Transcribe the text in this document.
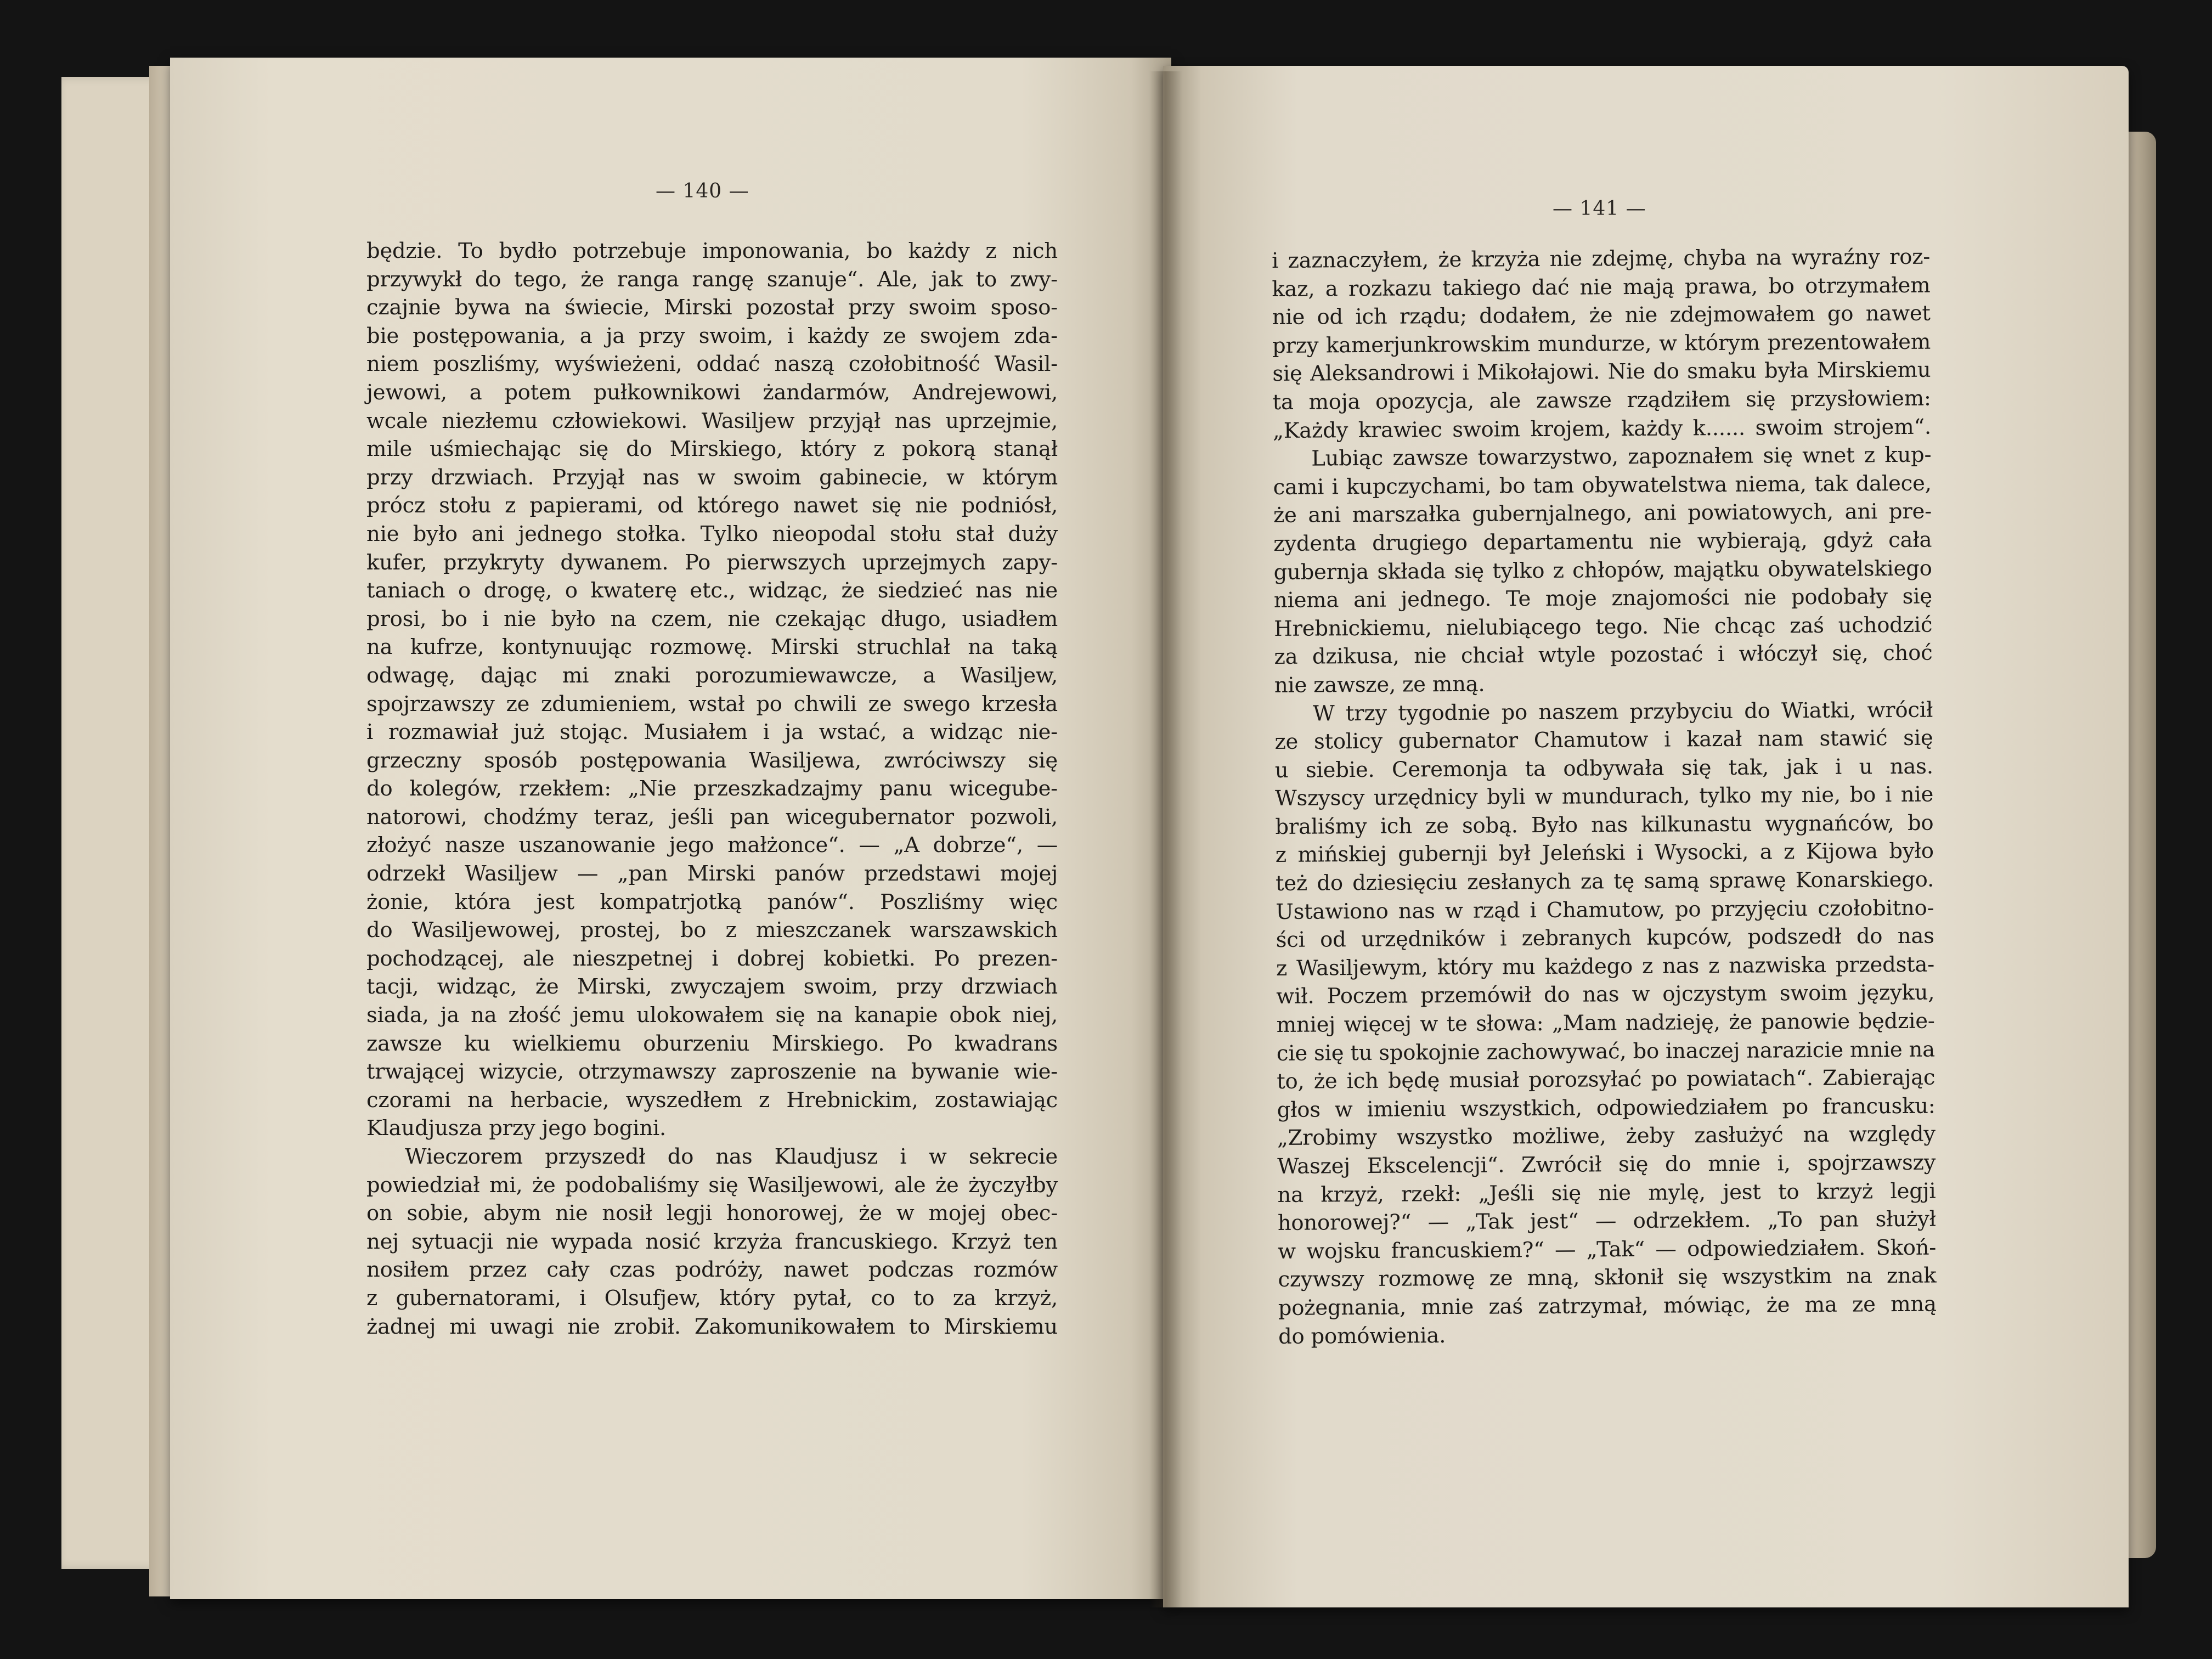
— 140 —
— 141 —
będzie. To bydło potrzebuje imponowania, bo każdy z nich
przywykł do tego, że ranga rangę szanuje“. Ale, jak to zwy-
czajnie bywa na świecie, Mirski pozostał przy swoim sposo-
bie postępowania, a ja przy swoim, i każdy ze swojem zda-
niem poszliśmy, wyświeżeni, oddać naszą czołobitność Wasil-
jewowi, a potem pułkownikowi żandarmów, Andrejewowi,
wcale niezłemu człowiekowi. Wasiljew przyjął nas uprzejmie,
mile uśmiechając się do Mirskiego, który z pokorą stanął
przy drzwiach. Przyjął nas w swoim gabinecie, w którym
prócz stołu z papierami, od którego nawet się nie podniósł,
nie było ani jednego stołka. Tylko nieopodal stołu stał duży
kufer, przykryty dywanem. Po pierwszych uprzejmych zapy-
taniach o drogę, o kwaterę etc., widząc, że siedzieć nas nie
prosi, bo i nie było na czem, nie czekając długo, usiadłem
na kufrze, kontynuując rozmowę. Mirski struchlał na taką
odwagę, dając mi znaki porozumiewawcze, a Wasiljew,
spojrzawszy ze zdumieniem, wstał po chwili ze swego krzesła
i rozmawiał już stojąc. Musiałem i ja wstać, a widząc nie-
grzeczny sposób postępowania Wasiljewa, zwróciwszy się
do kolegów, rzekłem: „Nie przeszkadzajmy panu wicegube-
natorowi, chodźmy teraz, jeśli pan wicegubernator pozwoli,
złożyć nasze uszanowanie jego małżonce“. — „A dobrze“, —
odrzekł Wasiljew — „pan Mirski panów przedstawi mojej
żonie, która jest kompatrjotką panów“. Poszliśmy więc
do Wasiljewowej, prostej, bo z mieszczanek warszawskich
pochodzącej, ale nieszpetnej i dobrej kobietki. Po prezen-
tacji, widząc, że Mirski, zwyczajem swoim, przy drzwiach
siada, ja na złość jemu ulokowałem się na kanapie obok niej,
zawsze ku wielkiemu oburzeniu Mirskiego. Po kwadrans
trwającej wizycie, otrzymawszy zaproszenie na bywanie wie-
czorami na herbacie, wyszedłem z Hrebnickim, zostawiając
Klaudjusza przy jego bogini.
Wieczorem przyszedł do nas Klaudjusz i w sekrecie
powiedział mi, że podobaliśmy się Wasiljewowi, ale że życzyłby
on sobie, abym nie nosił legji honorowej, że w mojej obec-
nej sytuacji nie wypada nosić krzyża francuskiego. Krzyż ten
nosiłem przez cały czas podróży, nawet podczas rozmów
z gubernatorami, i Olsufjew, który pytał, co to za krzyż,
żadnej mi uwagi nie zrobił. Zakomunikowałem to Mirskiemu
i zaznaczyłem, że krzyża nie zdejmę, chyba na wyraźny roz-
kaz, a rozkazu takiego dać nie mają prawa, bo otrzymałem
nie od ich rządu; dodałem, że nie zdejmowałem go nawet
przy kamerjunkrowskim mundurze, w którym prezentowałem
się Aleksandrowi i Mikołajowi. Nie do smaku była Mirskiemu
ta moja opozycja, ale zawsze rządziłem się przysłowiem:
„Każdy krawiec swoim krojem, każdy k...... swoim strojem“.
Lubiąc zawsze towarzystwo, zapoznałem się wnet z kup-
cami i kupczychami, bo tam obywatelstwa niema, tak dalece,
że ani marszałka gubernjalnego, ani powiatowych, ani pre-
zydenta drugiego departamentu nie wybierają, gdyż cała
gubernja składa się tylko z chłopów, majątku obywatelskiego
niema ani jednego. Te moje znajomości nie podobały się
Hrebnickiemu, nielubiącego tego. Nie chcąc zaś uchodzić
za dzikusa, nie chciał wtyle pozostać i włóczył się, choć
nie zawsze, ze mną.
W trzy tygodnie po naszem przybyciu do Wiatki, wrócił
ze stolicy gubernator Chamutow i kazał nam stawić się
u siebie. Ceremonja ta odbywała się tak, jak i u nas.
Wszyscy urzędnicy byli w mundurach, tylko my nie, bo i nie
braliśmy ich ze sobą. Było nas kilkunastu wygnańców, bo
z mińskiej gubernji był Jeleński i Wysocki, a z Kijowa było
też do dziesięciu zesłanych za tę samą sprawę Konarskiego.
Ustawiono nas w rząd i Chamutow, po przyjęciu czołobitno-
ści od urzędników i zebranych kupców, podszedł do nas
z Wasiljewym, który mu każdego z nas z nazwiska przedsta-
wił. Poczem przemówił do nas w ojczystym swoim języku,
mniej więcej w te słowa: „Mam nadzieję, że panowie będzie-
cie się tu spokojnie zachowywać, bo inaczej narazicie mnie na
to, że ich będę musiał porozsyłać po powiatach“. Zabierając
głos w imieniu wszystkich, odpowiedziałem po francusku:
„Zrobimy wszystko możliwe, żeby zasłużyć na względy
Waszej Ekscelencji“. Zwrócił się do mnie i, spojrzawszy
na krzyż, rzekł: „Jeśli się nie mylę, jest to krzyż legji
honorowej?“ — „Tak jest“ — odrzekłem. „To pan służył
w wojsku francuskiem?“ — „Tak“ — odpowiedziałem. Skoń-
czywszy rozmowę ze mną, skłonił się wszystkim na znak
pożegnania, mnie zaś zatrzymał, mówiąc, że ma ze mną
do pomówienia.
